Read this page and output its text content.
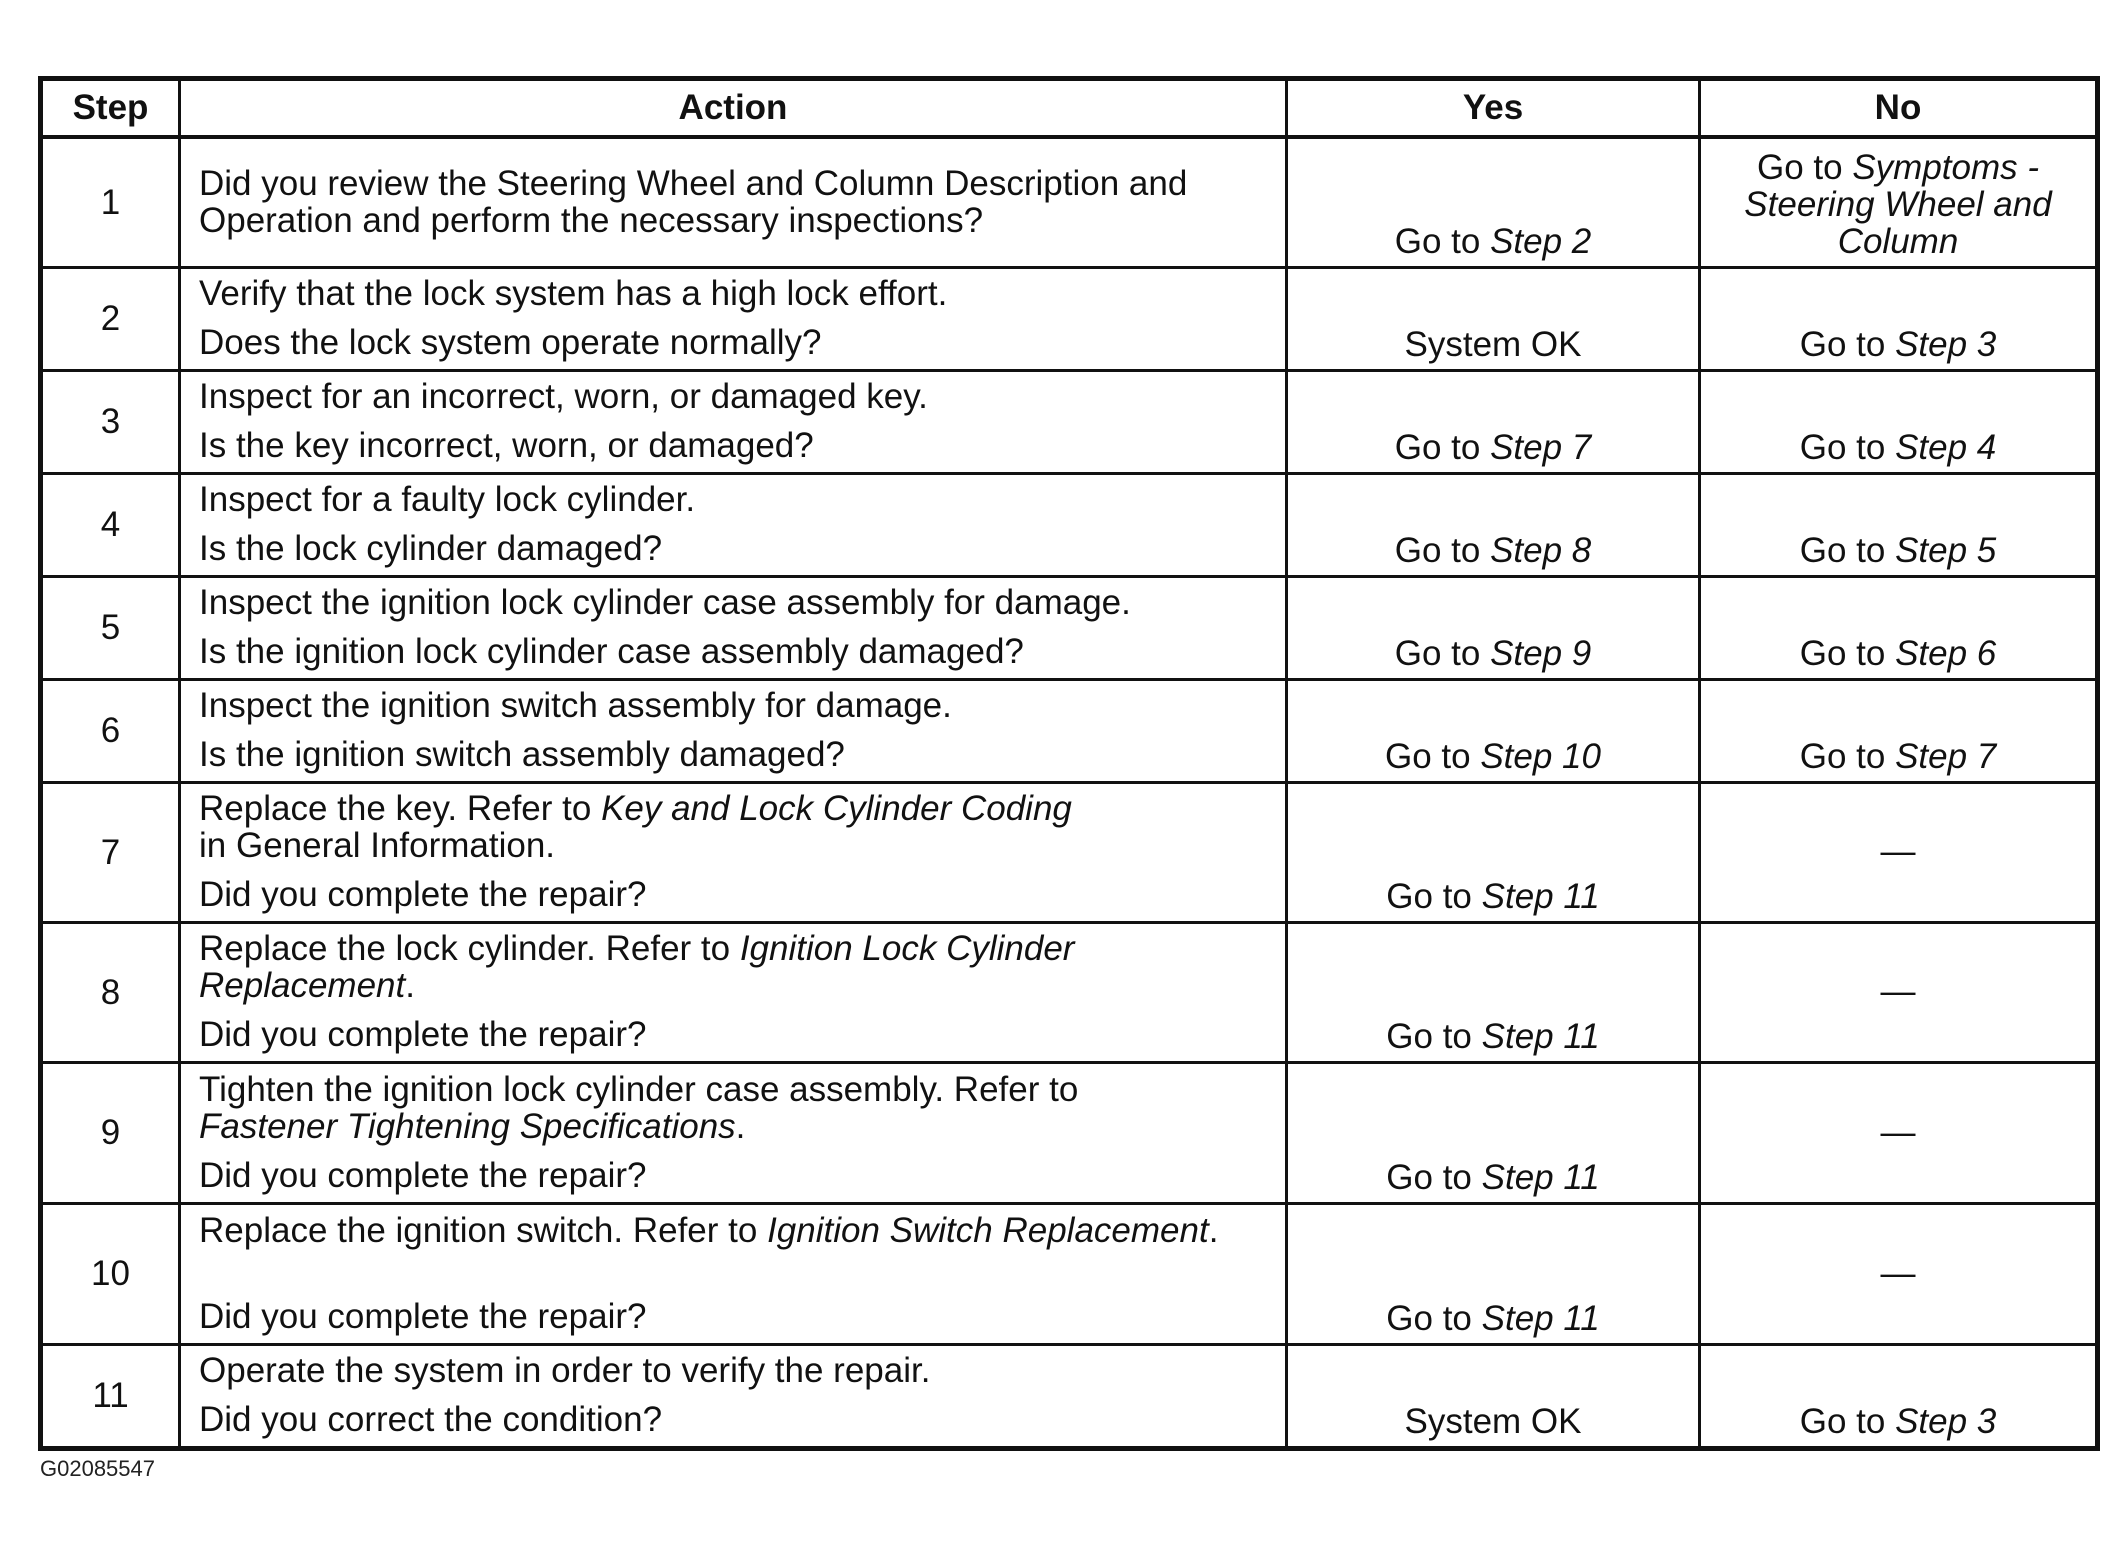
Step	Action	Yes	No
1	Did you review the Steering Wheel and Column Description and
Operation and perform the necessary inspections?	Go to Step 2	Go to Symptoms -
Steering Wheel and
Column
2	Verify that the lock system has a high lock effort.
Does the lock system operate normally?	System OK	Go to Step 3
3	Inspect for an incorrect, worn, or damaged key.
Is the key incorrect, worn, or damaged?	Go to Step 7	Go to Step 4
4	Inspect for a faulty lock cylinder.
Is the lock cylinder damaged?	Go to Step 8	Go to Step 5
5	Inspect the ignition lock cylinder case assembly for damage.
Is the ignition lock cylinder case assembly damaged?	Go to Step 9	Go to Step 6
6	Inspect the ignition switch assembly for damage.
Is the ignition switch assembly damaged?	Go to Step 10	Go to Step 7
7	Replace the key. Refer to Key and Lock Cylinder Coding
in General Information.
Did you complete the repair?	Go to Step 11	—
8	Replace the lock cylinder. Refer to Ignition Lock Cylinder
Replacement.
Did you complete the repair?	Go to Step 11	—
9	Tighten the ignition lock cylinder case assembly. Refer to
Fastener Tightening Specifications.
Did you complete the repair?	Go to Step 11	—
10	Replace the ignition switch. Refer to Ignition Switch Replacement.
Did you complete the repair?	Go to Step 11	—
11	Operate the system in order to verify the repair.
Did you correct the condition?	System OK	Go to Step 3
G02085547
